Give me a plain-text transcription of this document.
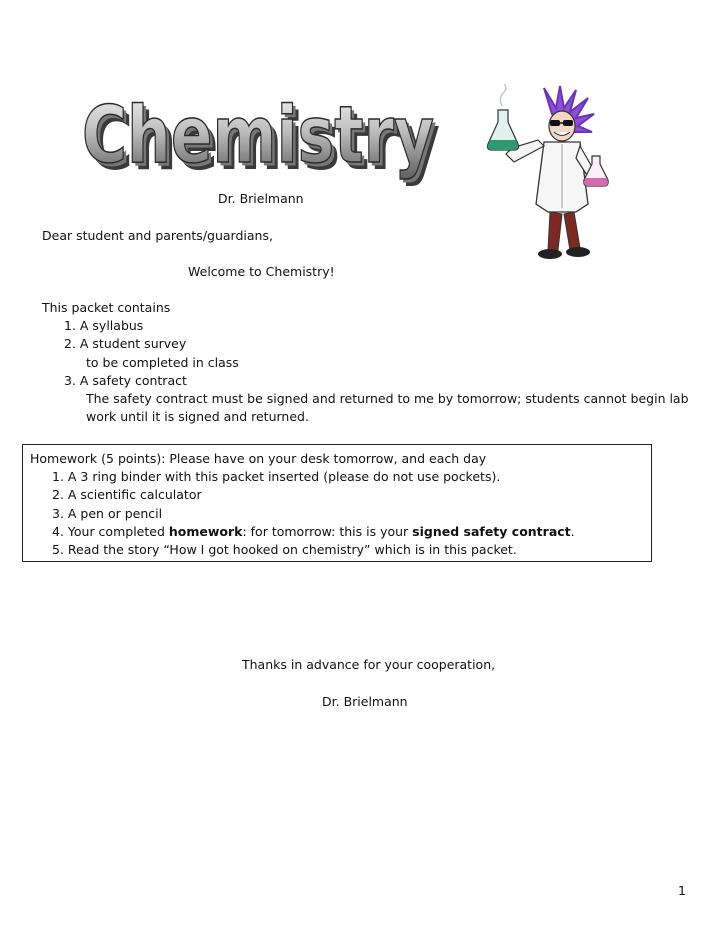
Chemistry
Chemistry
Chemistry
Dr. Brielmann
Dear student and parents/guardians,
Welcome to Chemistry!
This packet contains
1. A syllabus
2. A student survey
to be completed in class
3. A safety contract
The safety contract must be signed and returned to me by tomorrow; students cannot begin lab
work until it is signed and returned.
Homework (5 points): Please have on your desk tomorrow, and each day
1. A 3 ring binder with this packet inserted (please do not use pockets).
2. A scientific calculator
3. A pen or pencil
4. Your completed homework: for tomorrow: this is your signed safety contract.
5. Read the story “How I got hooked on chemistry” which is in this packet.
Thanks in advance for your cooperation,
Dr. Brielmann
1
